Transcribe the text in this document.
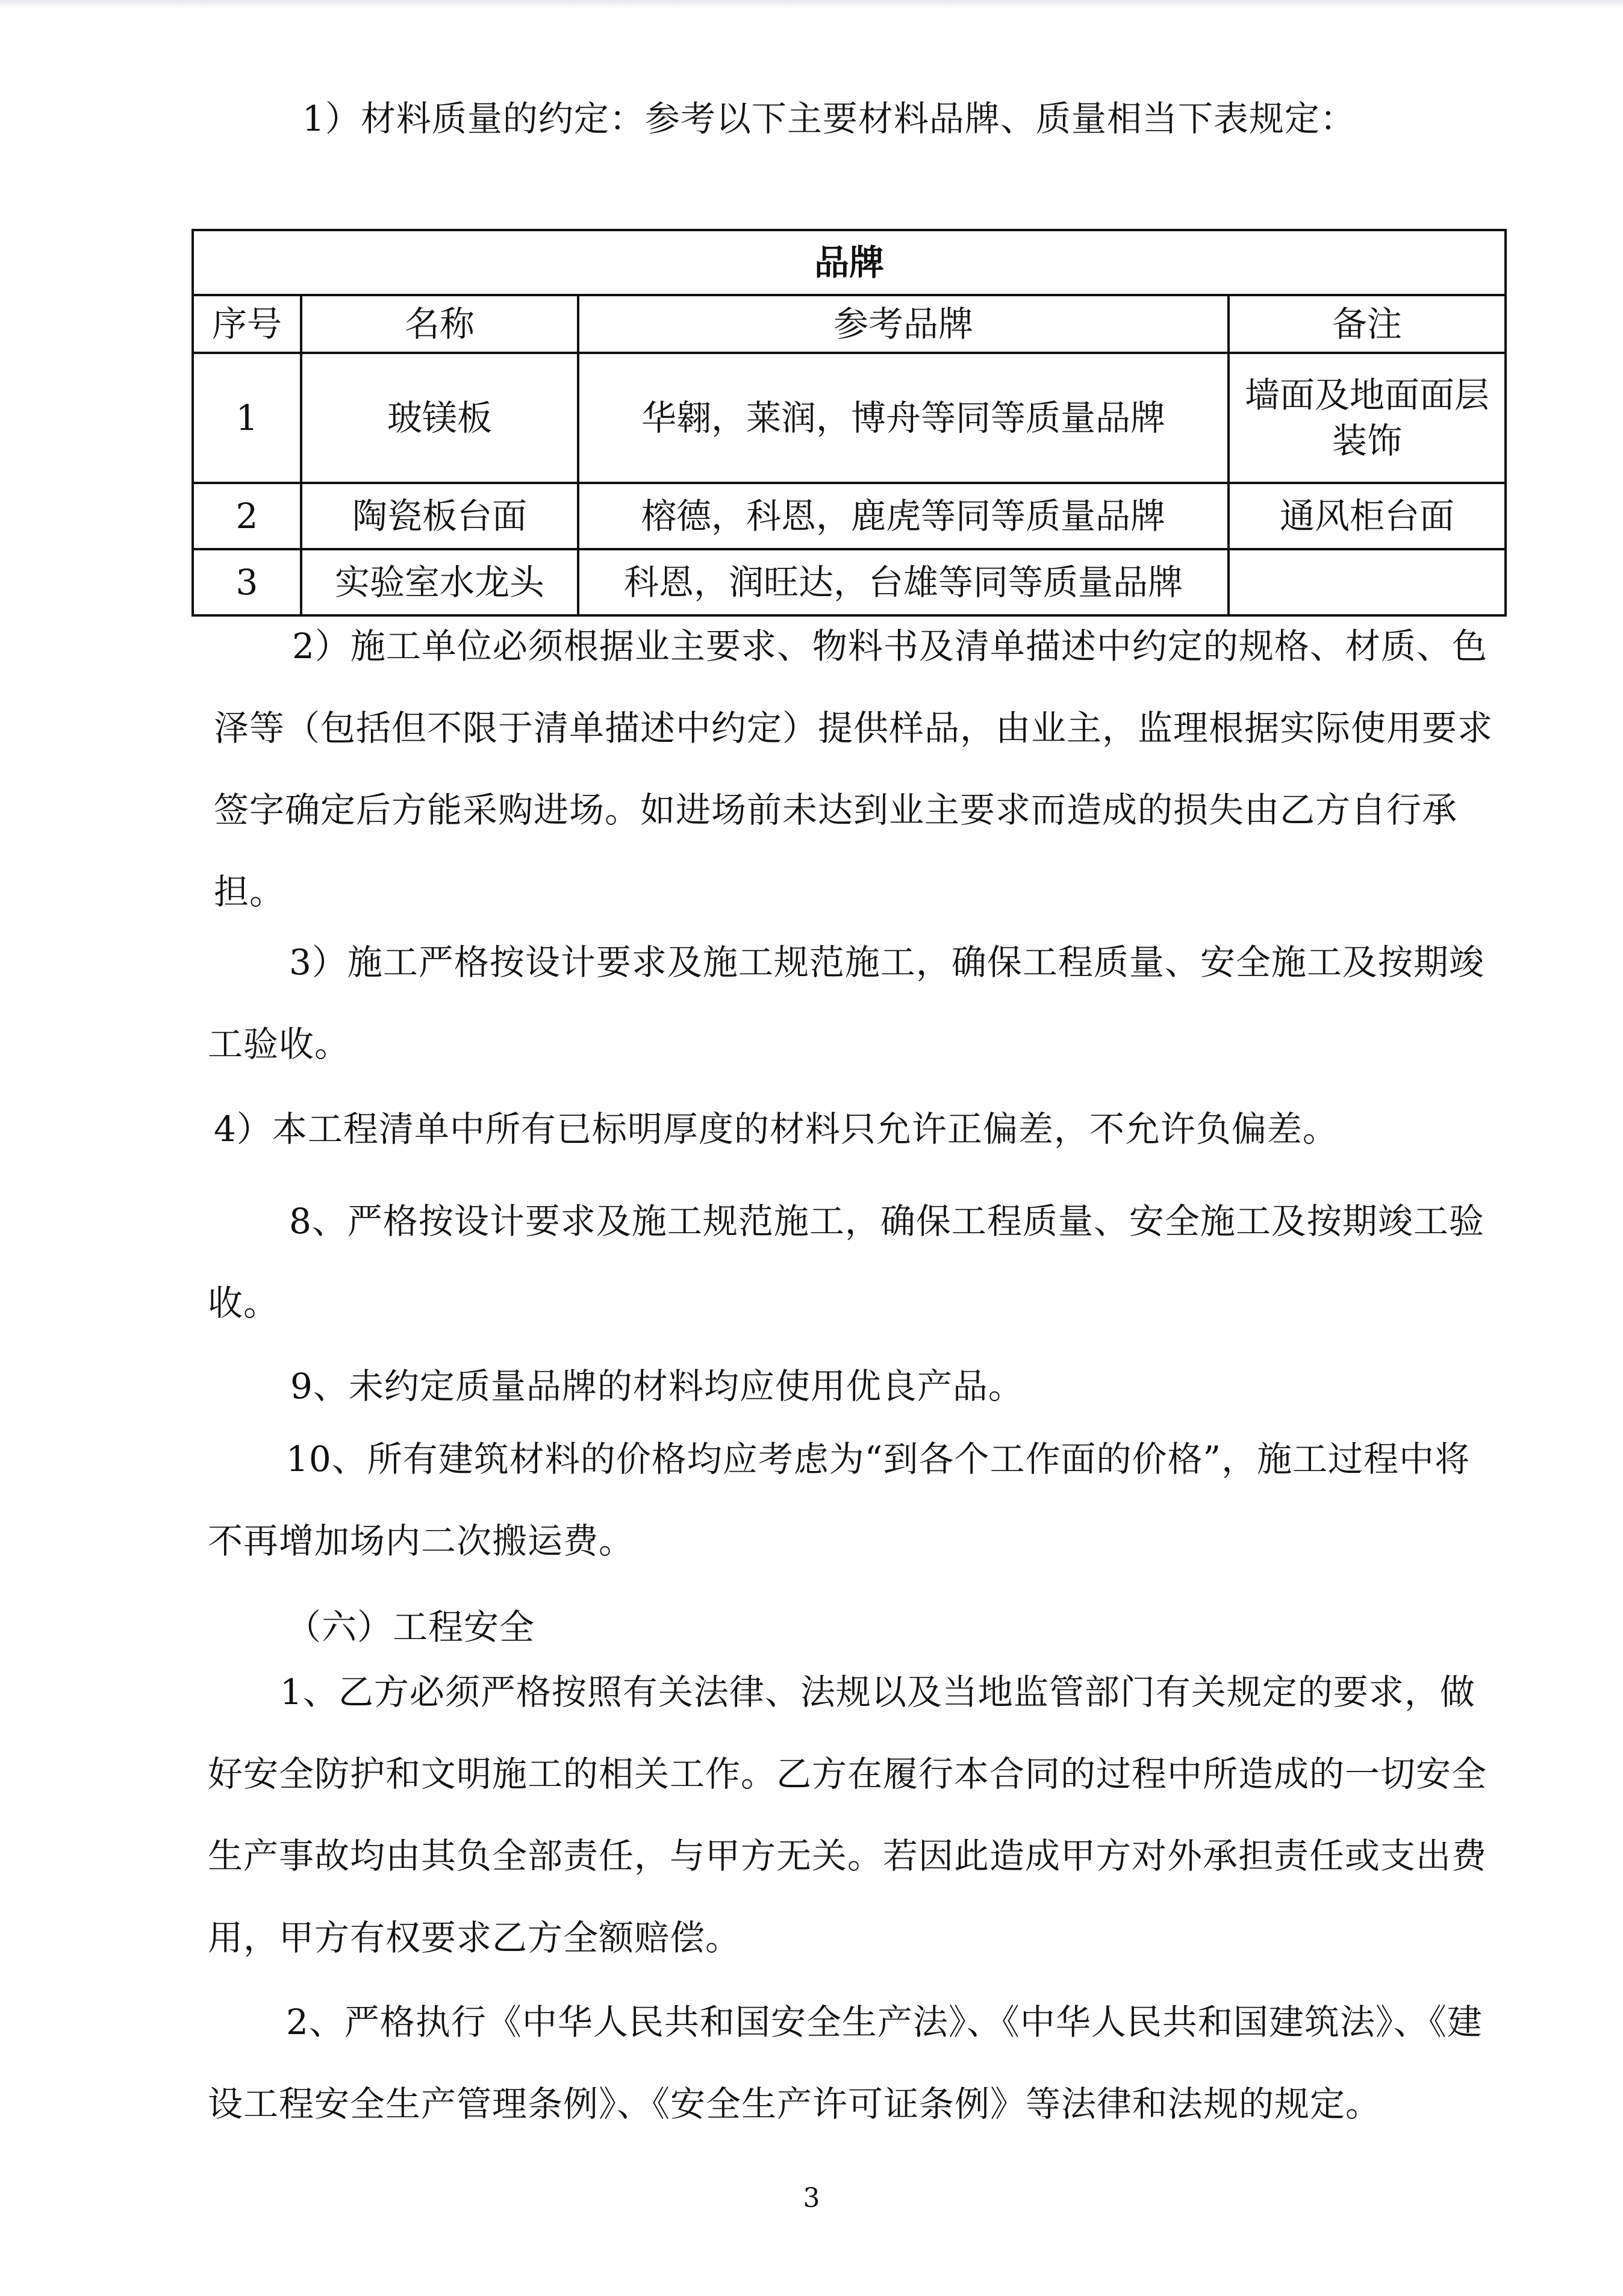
1）材料质量的约定：参考以下主要材料品牌、质量相当下表规定：

品牌			
序号	名称	参考品牌	备注
1	玻镁板	华翱，莱润，博舟等同等质量品牌	墙面及地面面层装饰
2	陶瓷板台面	榕德，科恩，鹿虎等同等质量品牌	通风柜台面
3	实验室水龙头	科恩，润旺达，台雄等同等质量品牌	

2）施工单位必须根据业主要求、物料书及清单描述中约定的规格、材质、色泽等（包括但不限于清单描述中约定）提供样品，由业主，监理根据实际使用要求签字确定后方能采购进场。如进场前未达到业主要求而造成的损失由乙方自行承担。

3）施工严格按设计要求及施工规范施工，确保工程质量、安全施工及按期竣工验收。

4）本工程清单中所有已标明厚度的材料只允许正偏差，不允许负偏差。

8、严格按设计要求及施工规范施工，确保工程质量、安全施工及按期竣工验收。

9、未约定质量品牌的材料均应使用优良产品。

10、所有建筑材料的价格均应考虑为“到各个工作面的价格”，施工过程中将不再增加场内二次搬运费。

（六）工程安全

1、乙方必须严格按照有关法律、法规以及当地监管部门有关规定的要求，做好安全防护和文明施工的相关工作。乙方在履行本合同的过程中所造成的一切安全生产事故均由其负全部责任，与甲方无关。若因此造成甲方对外承担责任或支出费用，甲方有权要求乙方全额赔偿。

2、严格执行《中华人民共和国安全生产法》、《中华人民共和国建筑法》、《建设工程安全生产管理条例》、《安全生产许可证条例》等法律和法规的规定。

3
